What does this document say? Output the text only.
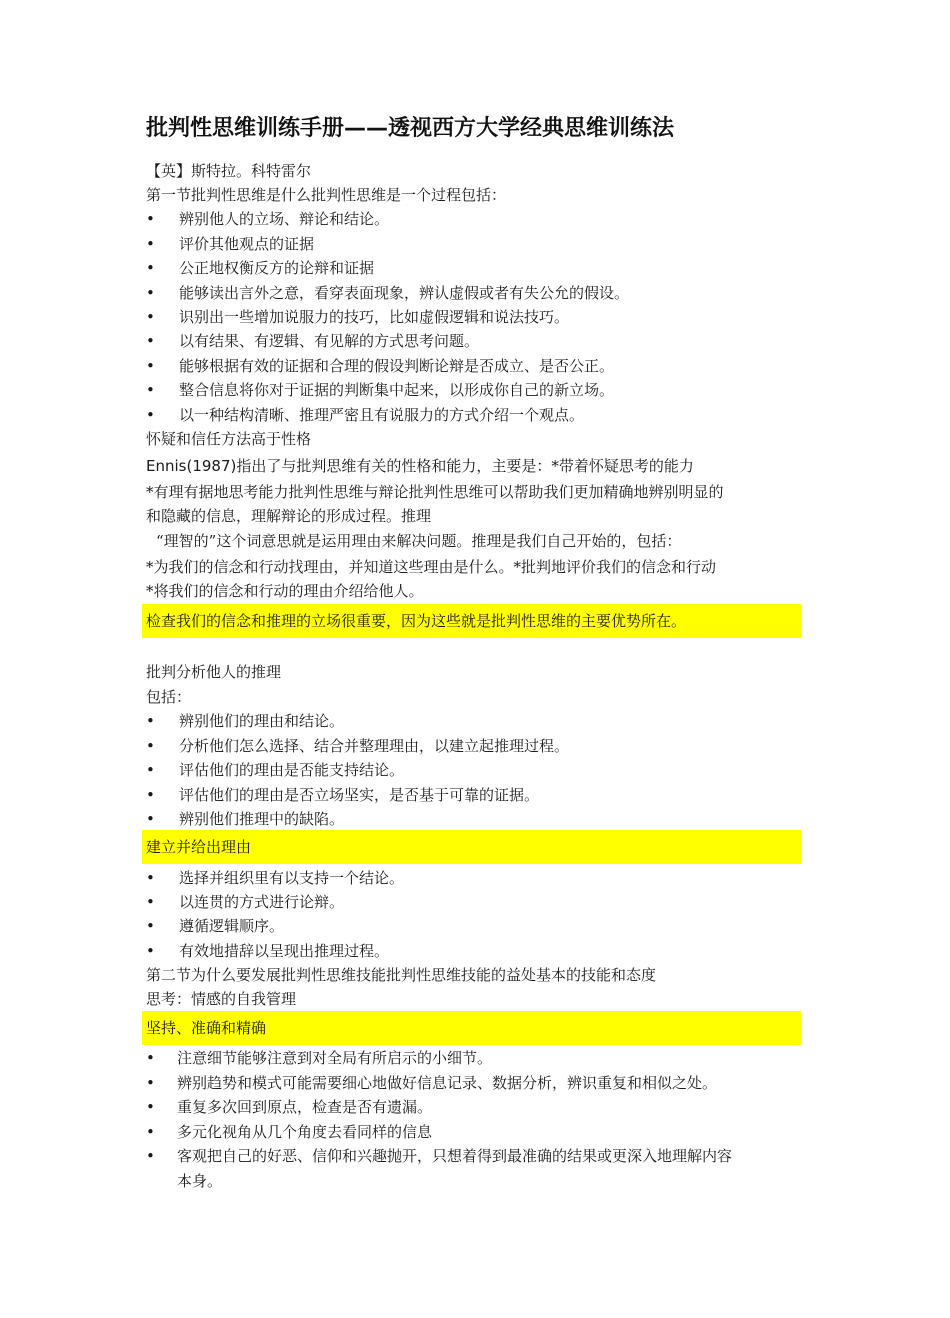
批判性思维训练手册——透视西方大学经典思维训练法
【英】斯特拉。科特雷尔
第一节批判性思维是什么批判性思维是一个过程包括：
• 辨别他人的立场、辩论和结论。
• 评价其他观点的证据
• 公正地权衡反方的论辩和证据
• 能够读出言外之意，看穿表面现象，辨认虚假或者有失公允的假设。
• 识别出一些增加说服力的技巧，比如虚假逻辑和说法技巧。
• 以有结果、有逻辑、有见解的方式思考问题。
• 能够根据有效的证据和合理的假设判断论辩是否成立、是否公正。
• 整合信息将你对于证据的判断集中起来，以形成你自己的新立场。
• 以一种结构清晰、推理严密且有说服力的方式介绍一个观点。
怀疑和信任方法高于性格
Ennis(1987)指出了与批判思维有关的性格和能力，主要是：*带着怀疑思考的能力
*有理有据地思考能力批判性思维与辩论批判性思维可以帮助我们更加精确地辨别明显的
和隐藏的信息，理解辩论的形成过程。推理
“理智的”这个词意思就是运用理由来解决问题。推理是我们自己开始的，包括：
*为我们的信念和行动找理由，并知道这些理由是什么。*批判地评价我们的信念和行动
*将我们的信念和行动的理由介绍给他人。
检查我们的信念和推理的立场很重要，因为这些就是批判性思维的主要优势所在。
批判分析他人的推理
包括：
• 辨别他们的理由和结论。
• 分析他们怎么选择、结合并整理理由，以建立起推理过程。
• 评估他们的理由是否能支持结论。
• 评估他们的理由是否立场坚实，是否基于可靠的证据。
• 辨别他们推理中的缺陷。
建立并给出理由
• 选择并组织里有以支持一个结论。
• 以连贯的方式进行论辩。
• 遵循逻辑顺序。
• 有效地措辞以呈现出推理过程。
第二节为什么要发展批判性思维技能批判性思维技能的益处基本的技能和态度
思考：情感的自我管理
坚持、准确和精确
• 注意细节能够注意到对全局有所启示的小细节。
• 辨别趋势和模式可能需要细心地做好信息记录、数据分析，辨识重复和相似之处。
• 重复多次回到原点，检查是否有遗漏。
• 多元化视角从几个角度去看同样的信息
• 客观把自己的好恶、信仰和兴趣抛开，只想着得到最准确的结果或更深入地理解内容
本身。
